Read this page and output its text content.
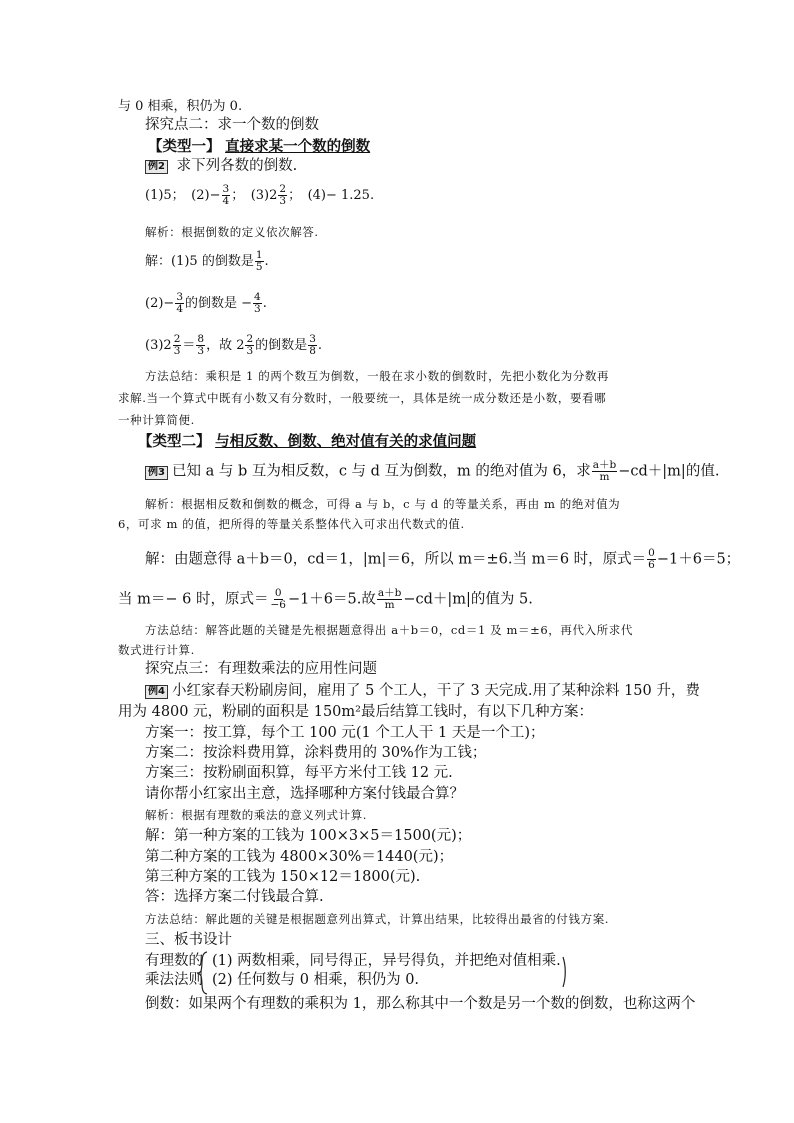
与 0 相乘，积仍为 0.
探究点二：求一个数的倒数
【类型一】 直接求某一个数的倒数
例2 求下列各数的倒数.
(1)5；　$(2)- \frac{3}{4}$ ；　$(3)2 \frac{2}{3}$ ；　(4)− 1.25.
解析：根据倒数的定义依次解答.
解：(1)5 的倒数是 $\frac{1}{5}$ .
$(2)- \frac{3}{4}$ 的倒数是 − $\frac{4}{3}$ .
$(3)2 \frac{2}{3} = \frac{8}{3}$ ，故 $2 \frac{2}{3}$ 的倒数是 $\frac{3}{8}$ .
方法总结：乘积是 1 的两个数互为倒数，一般在求小数的倒数时，先把小数化为分数再
求解.当一个算式中既有小数又有分数时，一般要统一，具体是统一成分数还是小数，要看哪
一种计算简便.
【类型二】 与相反数、倒数、绝对值有关的求值问题
例3 已知 a 与 b 互为相反数，c 与 d 互为倒数，m 的绝对值为 6，求 $\frac{a+b}{m} -cd+|m|$的值.
解析：根据相反数和倒数的概念，可得 a 与 b，c 与 d 的等量关系，再由 m 的绝对值为
6，可求 m 的值，把所得的等量关系整体代入可求出代数式的值.
解：由题意得 a＋b＝0，cd＝1，|m|＝6，所以 m＝±6.当 m＝6 时，原式＝ $\frac{0}{6} -1+6=5$；
当 m＝− 6 时，原式＝ $\frac{0}{-6} -1+6=5$.故 $\frac{a+b}{m} -cd+|m|$的值为 5.
方法总结：解答此题的关键是先根据题意得出 a＋b＝0，cd＝1 及 m＝±6，再代入所求代
数式进行计算.
探究点三：有理数乘法的应用性问题
例4 小红家春天粉刷房间，雇用了 5 个工人，干了 3 天完成.用了某种涂料 150 升，费
用为 4800 元，粉刷的面积是 150m²最后结算工钱时，有以下几种方案：
方案一：按工算，每个工 100 元(1 个工人干 1 天是一个工)；
方案二：按涂料费用算，涂料费用的 30%作为工钱；
方案三：按粉刷面积算，每平方米付工钱 12 元.
请你帮小红家出主意，选择哪种方案付钱最合算？
解析：根据有理数的乘法的意义列式计算.
解：第一种方案的工钱为 100×3×5＝1500(元)；
第二种方案的工钱为 4800×30%＝1440(元)；
第三种方案的工钱为 150×12＝1800(元).
答：选择方案二付钱最合算.
方法总结：解此题的关键是根据题意列出算式，计算出结果，比较得出最省的付钱方案.
三、板书设计
有理数的
乘法法则
(1) 两数相乘，同号得正，异号得负，并把绝对值相乘.
(2) 任何数与 0 相乘，积仍为 0.
倒数：如果两个有理数的乘积为 1，那么称其中一个数是另一个数的倒数，也称这两个
